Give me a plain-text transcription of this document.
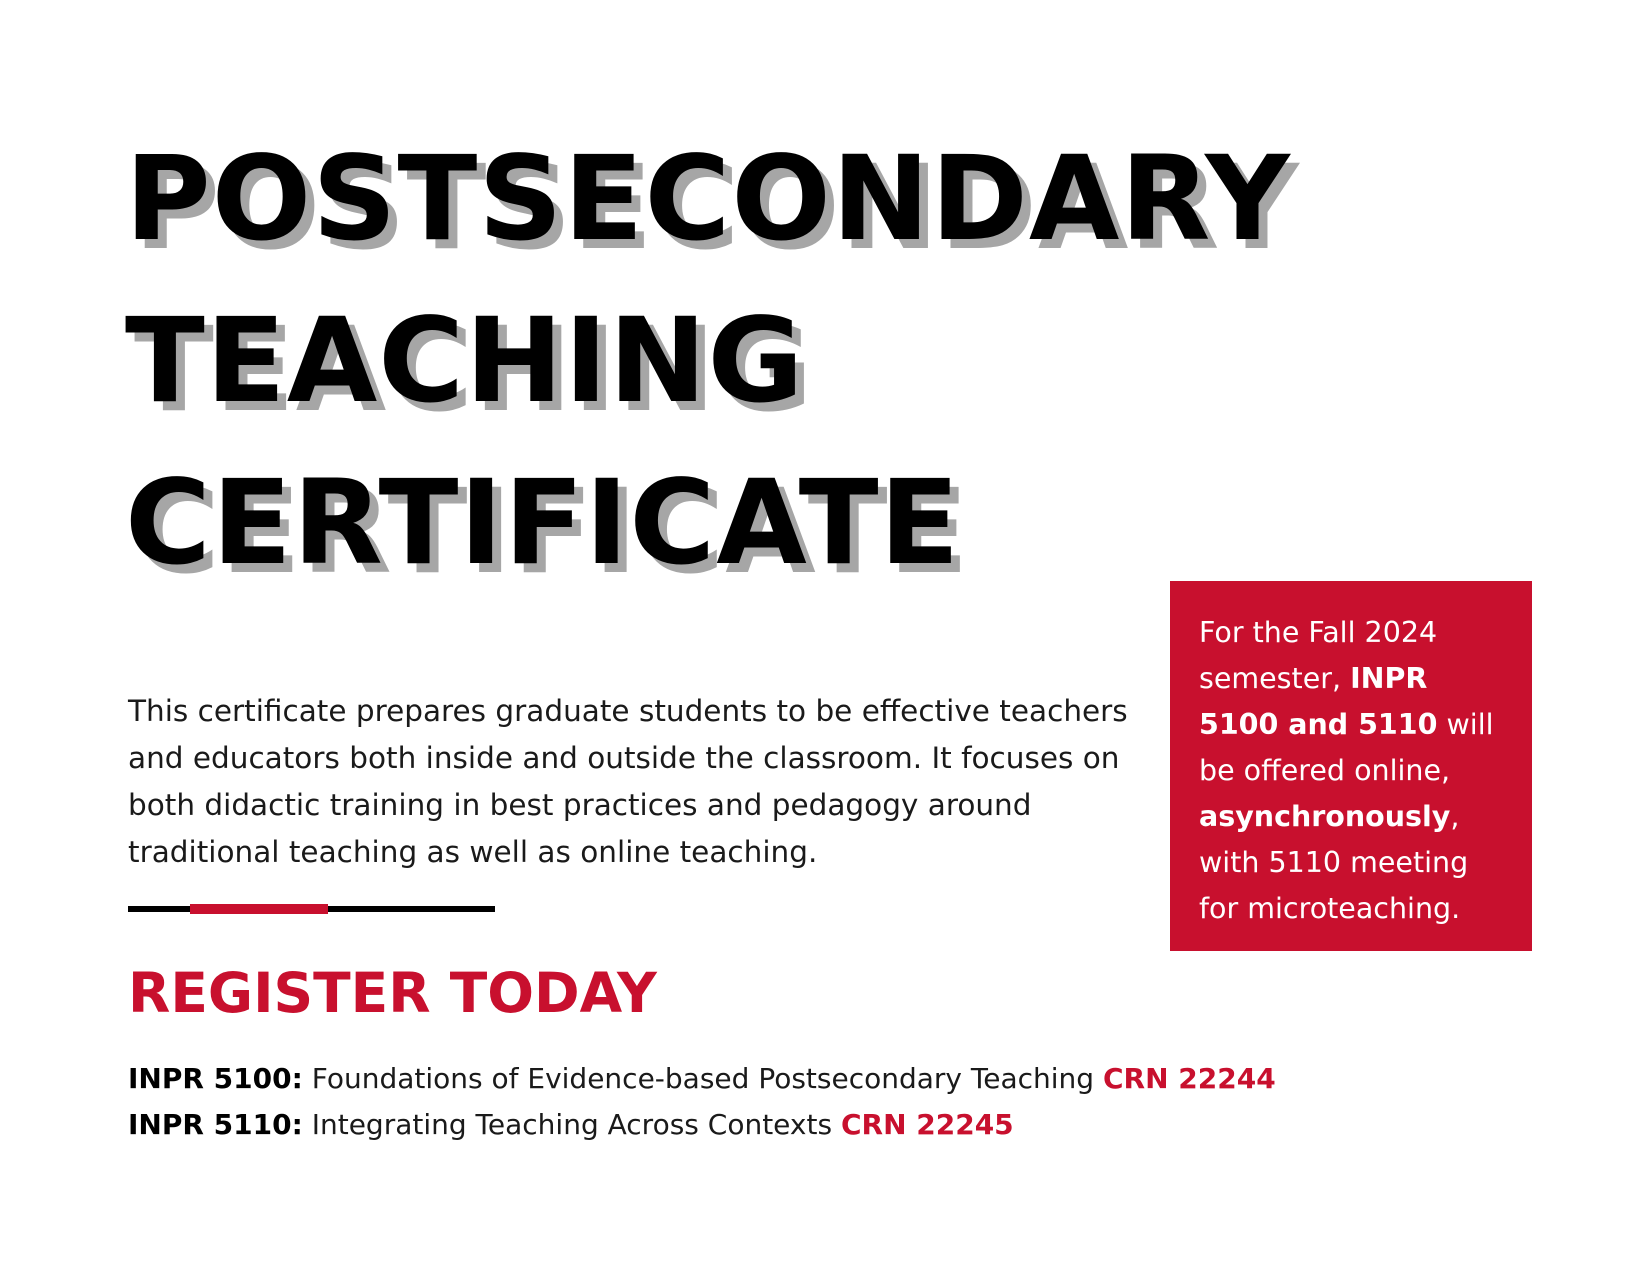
POSTSECONDARY
TEACHING
CERTIFICATE

This certificate prepares graduate students to be effective teachers and educators both inside and outside the classroom. It focuses on both didactic training in best practices and pedagogy around traditional teaching as well as online teaching.

REGISTER TODAY
INPR 5100: Foundations of Evidence-based Postsecondary Teaching CRN 22244
INPR 5110: Integrating Teaching Across Contexts CRN 22245
For the Fall 2024 semester, INPR 5100 and 5110 will be offered online, asynchronously, with 5110 meeting for microteaching.
